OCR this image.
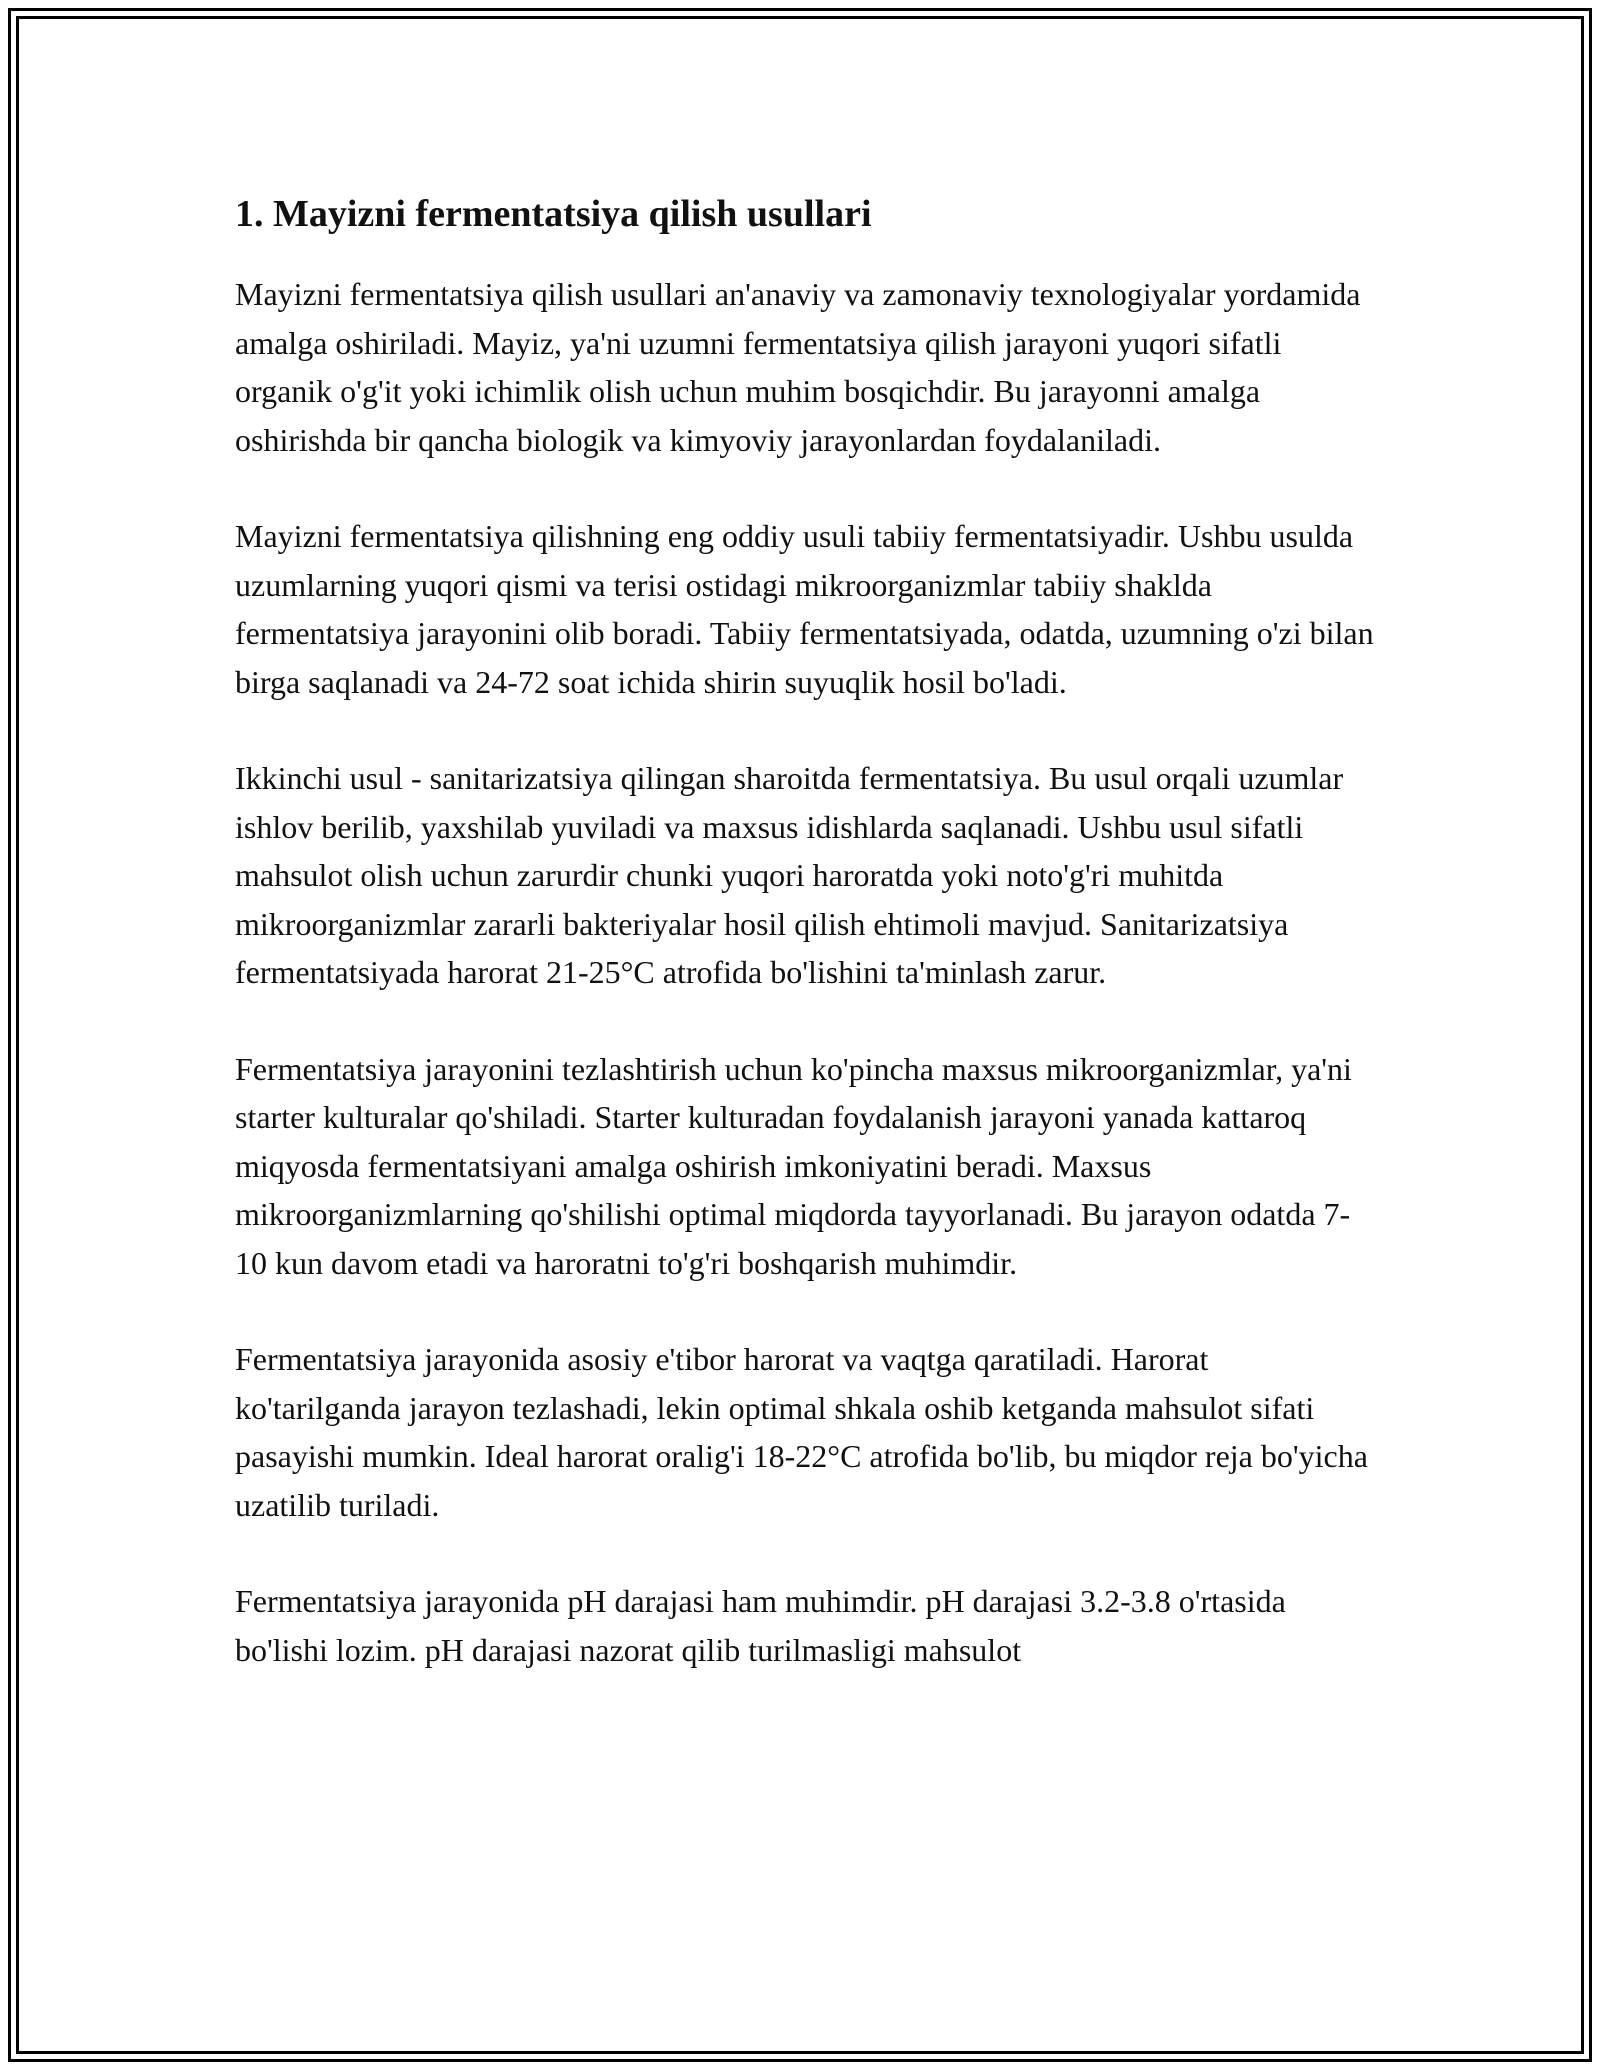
1. Mayizni fermentatsiya qilish usullari

Mayizni fermentatsiya qilish usullari an'anaviy va zamonaviy texnologiyalar yordamida amalga oshiriladi. Mayiz, ya'ni uzumni fermentatsiya qilish jarayoni yuqori sifatli organik o'g'it yoki ichimlik olish uchun muhim bosqichdir. Bu jarayonni amalga oshirishda bir qancha biologik va kimyoviy jarayonlardan foydalaniladi.

Mayizni fermentatsiya qilishning eng oddiy usuli tabiiy fermentatsiyadir. Ushbu usulda uzumlarning yuqori qismi va terisi ostidagi mikroorganizmlar tabiiy shaklda fermentatsiya jarayonini olib boradi. Tabiiy fermentatsiyada, odatda, uzumning o'zi bilan birga saqlanadi va 24-72 soat ichida shirin suyuqlik hosil bo'ladi.

Ikkinchi usul - sanitarizatsiya qilingan sharoitda fermentatsiya. Bu usul orqali uzumlar ishlov berilib, yaxshilab yuviladi va maxsus idishlarda saqlanadi. Ushbu usul sifatli mahsulot olish uchun zarurdir chunki yuqori haroratda yoki noto'g'ri muhitda mikroorganizmlar zararli bakteriyalar hosil qilish ehtimoli mavjud. Sanitarizatsiya fermentatsiyada harorat 21-25°C atrofida bo'lishini ta'minlash zarur.

Fermentatsiya jarayonini tezlashtirish uchun ko'pincha maxsus mikroorganizmlar, ya'ni starter kulturalar qo'shiladi. Starter kulturadan foydalanish jarayoni yanada kattaroq miqyosda fermentatsiyani amalga oshirish imkoniyatini beradi. Maxsus mikroorganizmlarning qo'shilishi optimal miqdorda tayyorlanadi. Bu jarayon odatda 7-10 kun davom etadi va haroratni to'g'ri boshqarish muhimdir.

Fermentatsiya jarayonida asosiy e'tibor harorat va vaqtga qaratiladi. Harorat ko'tarilganda jarayon tezlashadi, lekin optimal shkala oshib ketganda mahsulot sifati pasayishi mumkin. Ideal harorat oralig'i 18-22°C atrofida bo'lib, bu miqdor reja bo'yicha uzatilib turiladi.

Fermentatsiya jarayonida pH darajasi ham muhimdir. pH darajasi 3.2-3.8 o'rtasida bo'lishi lozim. pH darajasi nazorat qilib turilmasligi mahsulot
